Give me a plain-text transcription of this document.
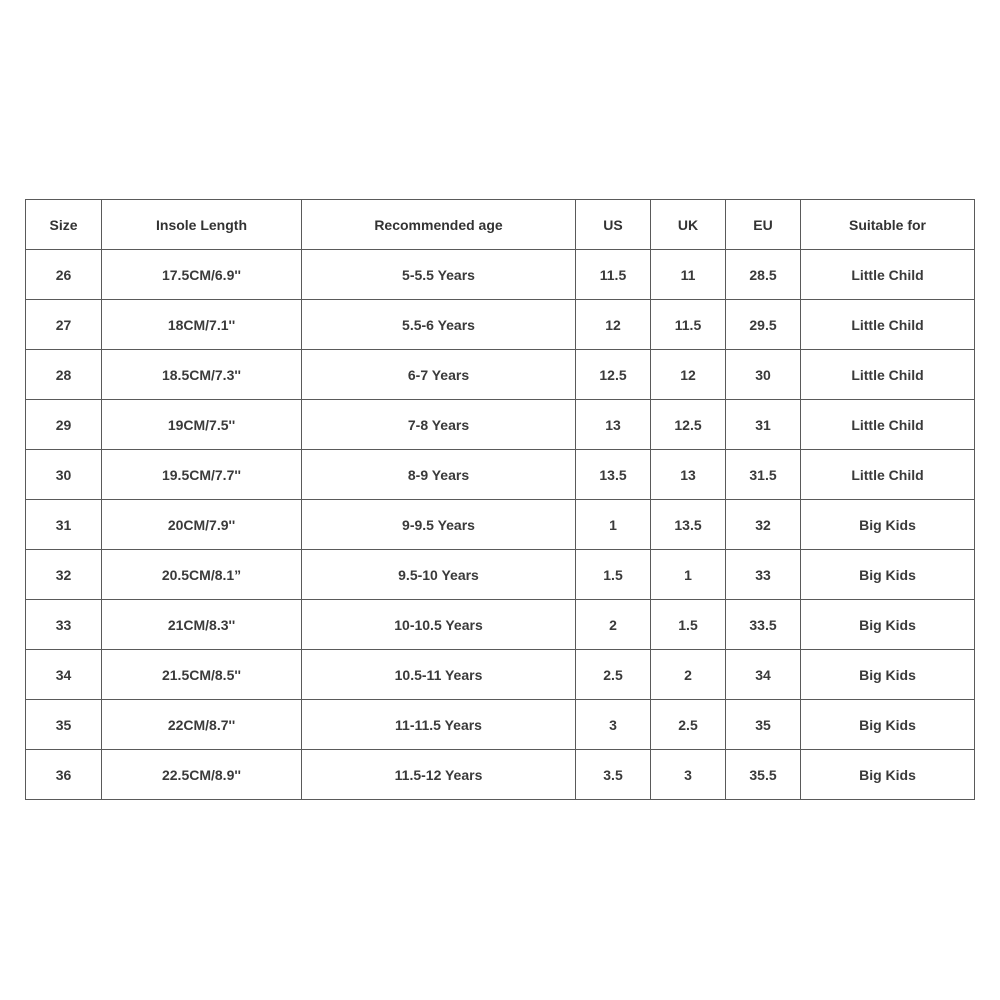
Size	Insole Length	Recommended age	US	UK	EU	Suitable for
26	17.5CM/6.9''	5-5.5 Years	11.5	11	28.5	Little Child
27	18CM/7.1''	5.5-6 Years	12	11.5	29.5	Little Child
28	18.5CM/7.3''	6-7 Years	12.5	12	30	Little Child
29	19CM/7.5''	7-8 Years	13	12.5	31	Little Child
30	19.5CM/7.7''	8-9 Years	13.5	13	31.5	Little Child
31	20CM/7.9''	9-9.5 Years	1	13.5	32	Big Kids
32	20.5CM/8.1”	9.5-10 Years	1.5	1	33	Big Kids
33	21CM/8.3''	10-10.5 Years	2	1.5	33.5	Big Kids
34	21.5CM/8.5''	10.5-11 Years	2.5	2	34	Big Kids
35	22CM/8.7''	11-11.5 Years	3	2.5	35	Big Kids
36	22.5CM/8.9''	11.5-12 Years	3.5	3	35.5	Big Kids
